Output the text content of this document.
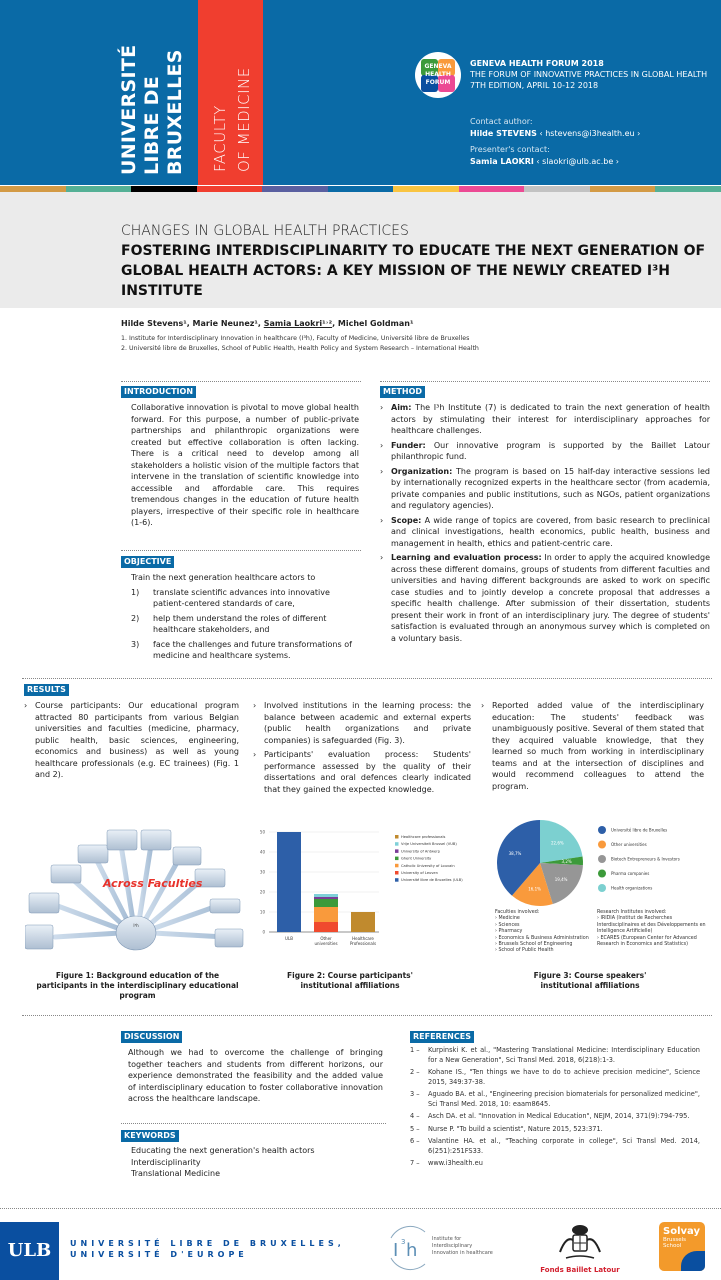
UNIVERSITÉ LIBRE DE BRUXELLES FACULTY OF MEDICINE
GENEVA
HEALTH
FORUM
GENEVA HEALTH FORUM 2018
THE FORUM OF INNOVATIVE PRACTICES IN GLOBAL HEALTH
7TH EDITION, APRIL 10-12 2018
Contact author:
Hilde STEVENS ‹ hstevens@i3health.eu ›
Presenter's contact:
Samia LAOKRI ‹ slaokri@ulb.ac.be ›
CHANGES IN GLOBAL HEALTH PRACTICES
FOSTERING INTERDISCIPLINARITY TO EDUCATE THE NEXT GENERATION OF GLOBAL HEALTH ACTORS: A KEY MISSION OF THE NEWLY CREATED I³H INSTITUTE
Hilde Stevens¹, Marie Neunez¹, Samia Laokri¹˒², Michel Goldman¹
1. Institute for Interdisciplinary Innovation in healthcare (I³h), Faculty of Medicine, Université libre de Bruxelles
2. Université libre de Bruxelles, School of Public Health, Health Policy and System Research – International Health
INTRODUCTION
Collaborative innovation is pivotal to move global health forward. For this purpose, a number of public-private partnerships and philanthropic organizations were created but effective collaboration is often lacking. There is a critical need to develop among all stakeholders a holistic vision of the multiple factors that intervene in the translation of scientific knowledge into accessible and affordable care. This requires tremendous changes in the education of future health players, irrespective of their specific role in healthcare (1-6).
OBJECTIVE
Train the next generation healthcare actors to
1) translate scientific advances into innovative patient-centered standards of care,
2) help them understand the roles of different healthcare stakeholders, and
3) face the challenges and future transformations of medicine and healthcare systems.
METHOD
› Aim: The I³h Institute (7) is dedicated to train the next generation of health actors by stimulating their interest for interdisciplinary approaches for healthcare challenges.
› Funder: Our innovative program is supported by the Baillet Latour philanthropic fund.
› Organization: The program is based on 15 half-day interactive sessions led by internationally recognized experts in the healthcare sector (from academia, private companies and public institutions, such as NGOs, patient organizations and regulatory agencies).
› Scope: A wide range of topics are covered, from basic research to preclinical and clinical investigations, health economics, public health, business and management in health, ethics and patient-centric care.
› Learning and evaluation process: In order to apply the acquired knowledge across these different domains, groups of students from different faculties and universities and having different backgrounds are asked to work on specific case studies and to jointly develop a concrete proposal that addresses a specific health challenge. After submission of their dissertation, students present their work in front of an interdisciplinary jury. The degree of students' satisfaction is evaluated through an anonymous survey which is completed on a voluntary basis.
RESULTS
› Course participants: Our educational program attracted 80 participants from various Belgian universities and faculties (medicine, pharmacy, public health, basic sciences, engineering, economics and business) as well as young healthcare professionals (e.g. EC trainees) (Fig. 1 and 2).
› Involved institutions in the learning process: the balance between academic and external experts (public health organizations and private companies) is safeguarded (Fig. 3).
› Participants' evaluation process: Students' performance assessed by the quality of their dissertations and oral defences clearly indicated that they gained the expected knowledge.
› Reported added value of the interdisciplinary education: The students' feedback was unambiguously positive. Several of them stated that they acquired valuable knowledge, that they learned so much from working in interdisciplinary teams and at the intersection of disciplines and would recommend colleagues to attend the program.
I³h
Across Faculties
Figure 1: Background education of the participants in the interdisciplinary educational program
0
10
20
30
40
50
ULB	Other
universities
Healthcare
Professionals
Healthcare professionals
Vrije Universiteit Brussel (VUB)
University of Antwerp
Ghent University
Catholic University of Louvain
University of Leuven
Université libre de Bruxelles (ULB)
Figure 2: Course participants' institutional affiliations
22,6%
3,2%
19,4%
16,1%
38,7%
Université libre de Bruxelles
Other universities
Biotech Entrepreneurs & Investors
Pharma companies
Health organizations
Faculties involved:
› Medicine
› Sciences
› Pharmacy
› Economics & Business Administration
› Brussels School of Engineering
› School of Public Health
Research Institutes involved:
› IRIDIA (Institut de Recherches Interdisciplinaires et des Développements en Intelligence Artificielle)
› ECARES (European Center for Advanced Research in Economics and Statistics)
Figure 3: Course speakers' institutional affiliations
DISCUSSION
Although we had to overcome the challenge of bringing together teachers and students from different horizons, our experience demonstrated the feasibility and the added value of interdisciplinary education to foster collaborative innovation across the healthcare landscape.
KEYWORDS
Educating the next generation's health actors
Interdisciplinarity
Translational Medicine
REFERENCES
1 – Kurpinski K. et al., "Mastering Translational Medicine: Interdisciplinary Education for a New Generation", Sci Transl Med. 2018, 6(218):1-3.
2 – Kohane IS., "Ten things we have to do to achieve precision medicine", Science 2015, 349:37-38.
3 – Aguado BA. et al., "Engineering precision biomaterials for personalized medicine", Sci Transl Med. 2018, 10: eaam8645.
4 – Asch DA. et al. "Innovation in Medical Education", NEJM, 2014, 371(9):794-795.
5 – Nurse P. "To build a scientist", Nature 2015, 523:371.
6 – Valantine HA. et al., "Teaching corporate in college", Sci Transl Med. 2014, 6(251):251FS33.
7 – www.i3health.eu

ULB	UNIVERSITÉ LIBRE DE BRUXELLES,
UNIVERSITÉ D'EUROPE	I 3 h
Institute for
Interdisciplinary
Innovation in healthcare
Fonds Baillet Latour
Solvay
Brussels School
